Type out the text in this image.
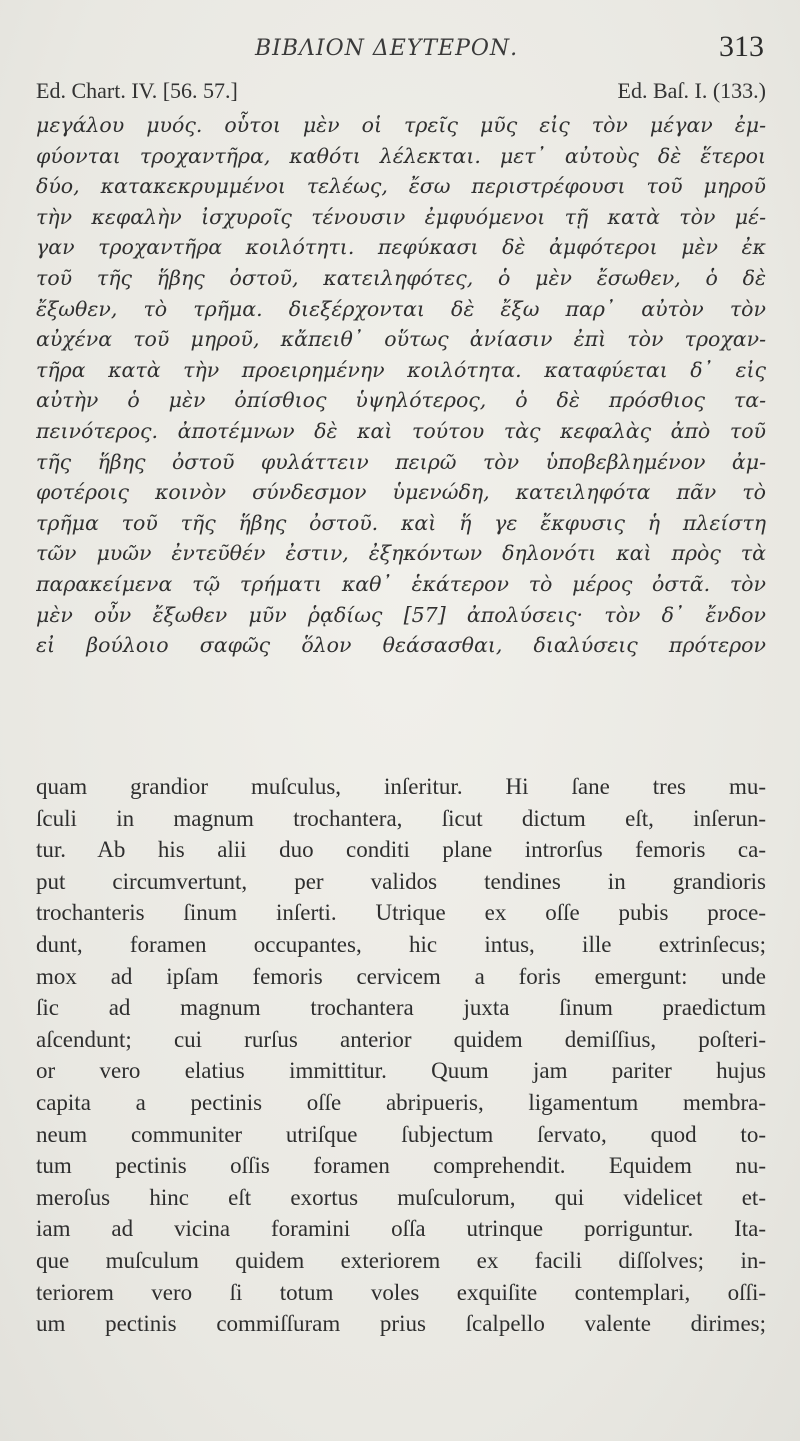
ΒΙΒΛΙΟΝ ΔΕΥΤΕΡΟΝ.	313
Ed. Chart. IV. [56. 57.]	Ed. Baſ. I. (133.)
μεγάλου μυός. οὗτοι μὲν οἱ τρεῖς μῦς εἰς τὸν μέγαν ἐμ-
φύονται τροχαντῆρα, καθότι λέλεκται. μετ᾽ αὐτοὺς δὲ ἕτεροι
δύο, κατακεκρυμμένοι τελέως, ἔσω περιστρέφουσι τοῦ μηροῦ
τὴν κεφαλὴν ἰσχυροῖς τένουσιν ἐμφυόμενοι τῇ κατὰ τὸν μέ-
γαν τροχαντῆρα κοιλότητι. πεφύκασι δὲ ἀμφότεροι μὲν ἐκ
τοῦ τῆς ἥβης ὀστοῦ, κατειληφότες, ὁ μὲν ἔσωθεν, ὁ δὲ
ἔξωθεν, τὸ τρῆμα. διεξέρχονται δὲ ἔξω παρ᾽ αὐτὸν τὸν
αὐχένα τοῦ μηροῦ, κἄπειθ᾽ οὕτως ἀνίασιν ἐπὶ τὸν τροχαν-
τῆρα κατὰ τὴν προειρημένην κοιλότητα. καταφύεται δ᾽ εἰς
αὐτὴν ὁ μὲν ὀπίσθιος ὑψηλότερος, ὁ δὲ πρόσθιος τα-
πεινότερος. ἀποτέμνων δὲ καὶ τούτου τὰς κεφαλὰς ἀπὸ τοῦ
τῆς ἥβης ὀστοῦ φυλάττειν πειρῶ τὸν ὑποβεβλημένον ἀμ-
φοτέροις κοινὸν σύνδεσμον ὑμενώδη, κατειληφότα πᾶν τὸ
τρῆμα τοῦ τῆς ἥβης ὀστοῦ. καὶ ἥ γε ἔκφυσις ἡ πλείστη
τῶν μυῶν ἐντεῦθέν ἐστιν, ἐξηκόντων δηλονότι καὶ πρὸς τὰ
παρακείμενα τῷ τρήματι καθ᾽ ἑκάτερον τὸ μέρος ὀστᾶ. τὸν
μὲν οὖν ἔξωθεν μῦν ῥᾳδίως [57] ἀπολύσεις· τὸν δ᾽ ἔνδον
εἰ βούλοιο σαφῶς ὅλον θεάσασθαι, διαλύσεις πρότερον
quam grandior muſculus, inſeritur. Hi ſane tres mu-
ſculi in magnum trochantera, ſicut dictum eſt, inſerun-
tur. Ab his alii duo conditi plane introrſus femoris ca-
put circumvertunt, per validos tendines in grandioris
trochanteris ſinum inſerti. Utrique ex oſſe pubis proce-
dunt, foramen occupantes, hic intus, ille extrinſecus;
mox ad ipſam femoris cervicem a foris emergunt: unde
ſic ad magnum trochantera juxta ſinum praedictum
aſcendunt; cui rurſus anterior quidem demiſſius, poſteri-
or vero elatius immittitur. Quum jam pariter hujus
capita a pectinis oſſe abripueris, ligamentum membra-
neum communiter utriſque ſubjectum ſervato, quod to-
tum pectinis oſſis foramen comprehendit. Equidem nu-
meroſus hinc eſt exortus muſculorum, qui videlicet et-
iam ad vicina foramini oſſa utrinque porriguntur. Ita-
que muſculum quidem exteriorem ex facili diſſolves; in-
teriorem vero ſi totum voles exquiſite contemplari, oſſi-
um pectinis commiſſuram prius ſcalpello valente dirimes;
